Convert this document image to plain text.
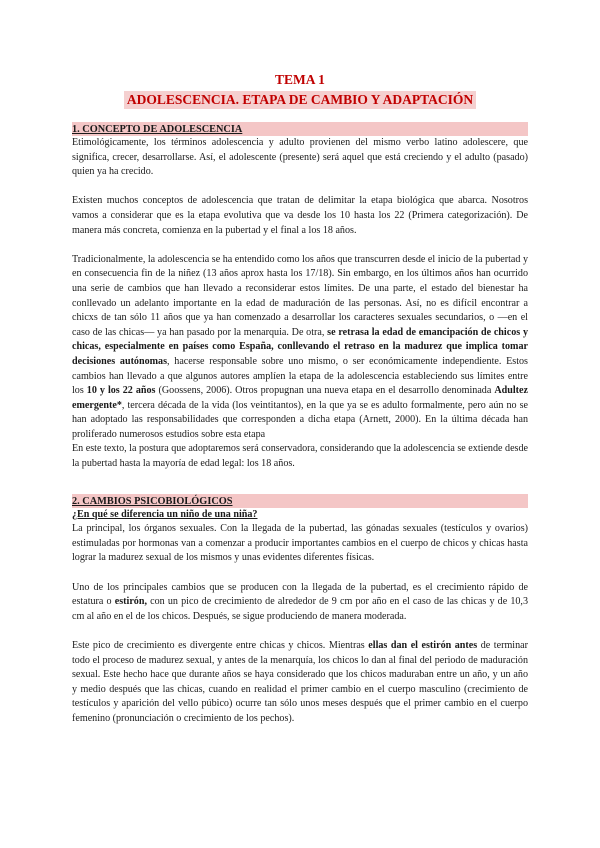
TEMA 1
ADOLESCENCIA. ETAPA DE CAMBIO Y ADAPTACIÓN
1. CONCEPTO DE ADOLESCENCIA

Etimológicamente, los términos adolescencia y adulto provienen del mismo verbo latino adolescere, que significa, crecer, desarrollarse. Así, el adolescente (presente) será aquel que está creciendo y el adulto (pasado) quien ya ha crecido.

Existen muchos conceptos de adolescencia que tratan de delimitar la etapa biológica que abarca. Nosotros vamos a considerar que es la etapa evolutiva que va desde los 10 hasta los 22 (Primera categorización). De manera más concreta, comienza en la pubertad y el final a los 18 años.

Tradicionalmente, la adolescencia se ha entendido como los años que transcurren desde el inicio de la pubertad y en consecuencia fin de la niñez (13 años aprox hasta los 17/18). Sin embargo, en los últimos años han ocurrido una serie de cambios que han llevado a reconsiderar estos límites. De una parte, el estado del bienestar ha conllevado un adelanto importante en la edad de maduración de las personas. Así, no es difícil encontrar a chicxs de tan sólo 11 años que ya han comenzado a desarrollar los caracteres sexuales secundarios, o —en el caso de las chicas— ya han pasado por la menarquia. De otra, se retrasa la edad de emancipación de chicos y chicas, especialmente en países como España, conllevando el retraso en la madurez que implica tomar decisiones autónomas, hacerse responsable sobre uno mismo, o ser económicamente independiente. Estos cambios han llevado a que algunos autores amplíen la etapa de la adolescencia estableciendo sus límites entre los 10 y los 22 años (Goossens, 2006). Otros propugnan una nueva etapa en el desarrollo denominada Adultez emergente*, tercera década de la vida (los veintitantos), en la que ya se es adulto formalmente, pero aún no se han adoptado las responsabilidades que corresponden a dicha etapa (Arnett, 2000). En la última década han proliferado numerosos estudios sobre esta etapa

En este texto, la postura que adoptaremos será conservadora, considerando que la adolescencia se extiende desde la pubertad hasta la mayoría de edad legal: los 18 años.

2. CAMBIOS PSICOBIOLÓGICOS
¿En qué se diferencia un niño de una niña?

La principal, los órganos sexuales. Con la llegada de la pubertad, las gónadas sexuales (testículos y ovarios) estimuladas por hormonas van a comenzar a producir importantes cambios en el cuerpo de chicos y chicas hasta lograr la madurez sexual de los mismos y unas evidentes diferentes físicas.

Uno de los principales cambios que se producen con la llegada de la pubertad, es el crecimiento rápido de estatura o estirón, con un pico de crecimiento de alrededor de 9 cm por año en el caso de las chicas y de 10,3 cm al año en el de los chicos. Después, se sigue produciendo de manera moderada.

Este pico de crecimiento es divergente entre chicas y chicos. Mientras ellas dan el estirón antes de terminar todo el proceso de madurez sexual, y antes de la menarquía, los chicos lo dan al final del periodo de maduración sexual. Este hecho hace que durante años se haya considerado que los chicos maduraban entre un año, y un año y medio después que las chicas, cuando en realidad el primer cambio en el cuerpo masculino (crecimiento de testículos y aparición del vello púbico) ocurre tan sólo unos meses después que el primer cambio en el cuerpo femenino (pronunciación o crecimiento de los pechos).
